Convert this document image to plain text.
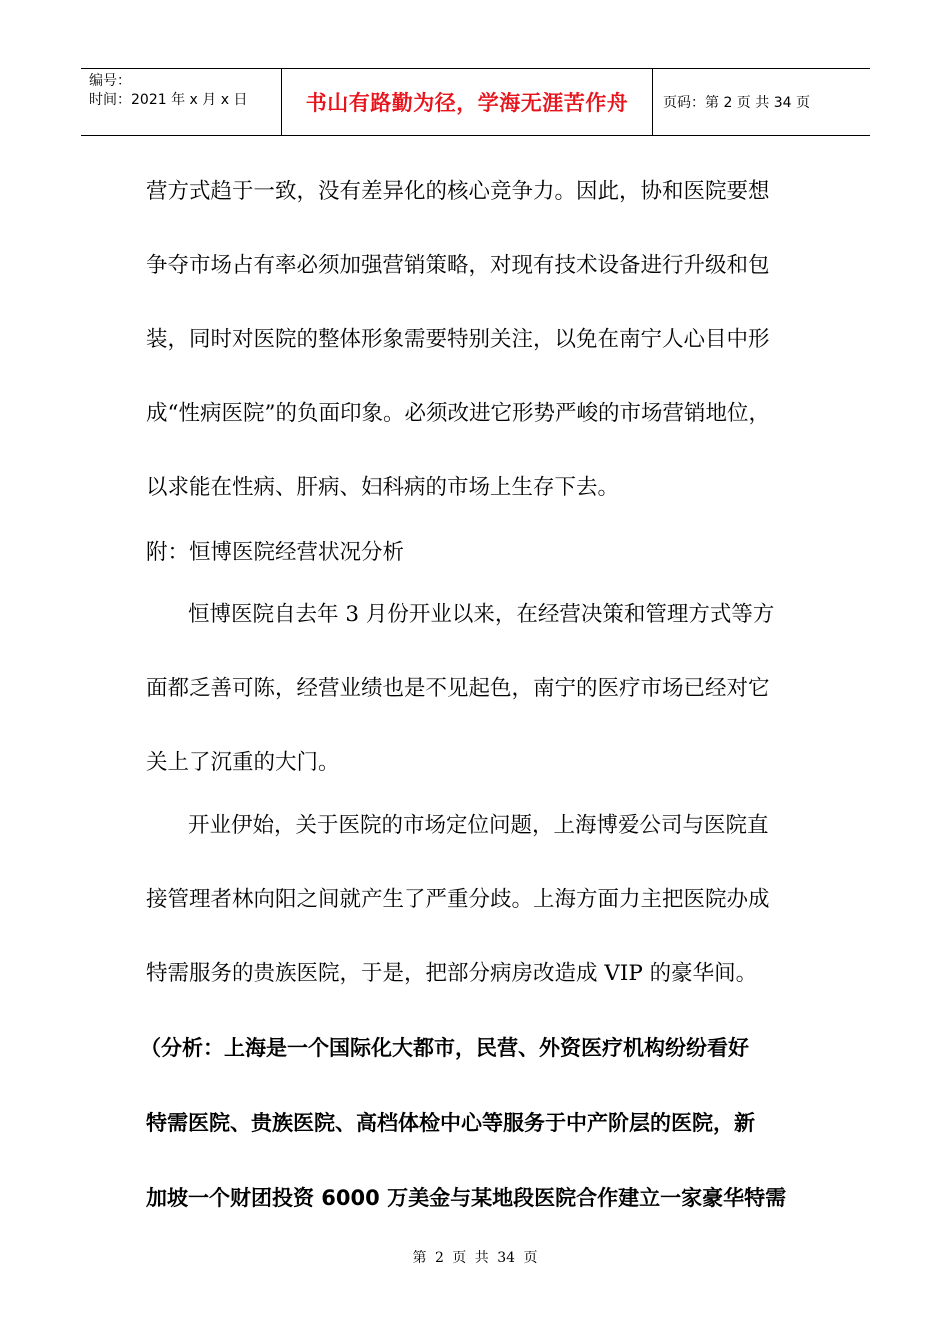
编号：
时间：2021 年 x 月 x 日	书山有路勤为径，学海无涯苦作舟 页码：第 2 页 共 34 页
营方式趋于一致，没有差异化的核心竞争力。因此，协和医院要想
争夺市场占有率必须加强营销策略，对现有技术设备进行升级和包
装，同时对医院的整体形象需要特别关注，以免在南宁人心目中形
成“性病医院”的负面印象。必须改进它形势严峻的市场营销地位，
以求能在性病、肝病、妇科病的市场上生存下去。
附：恒博医院经营状况分析
恒博医院自去年 3 月份开业以来，在经营决策和管理方式等方
面都乏善可陈，经营业绩也是不见起色，南宁的医疗市场已经对它
关上了沉重的大门。
开业伊始，关于医院的市场定位问题，上海博爱公司与医院直
接管理者林向阳之间就产生了严重分歧。上海方面力主把医院办成
特需服务的贵族医院，于是，把部分病房改造成 VIP 的豪华间。
（分析：上海是一个国际化大都市，民营、外资医疗机构纷纷看好
特需医院、贵族医院、高档体检中心等服务于中产阶层的医院，新
加坡一个财团投资 6000 万美金与某地段医院合作建立一家豪华特需
第 2 页 共 34 页
